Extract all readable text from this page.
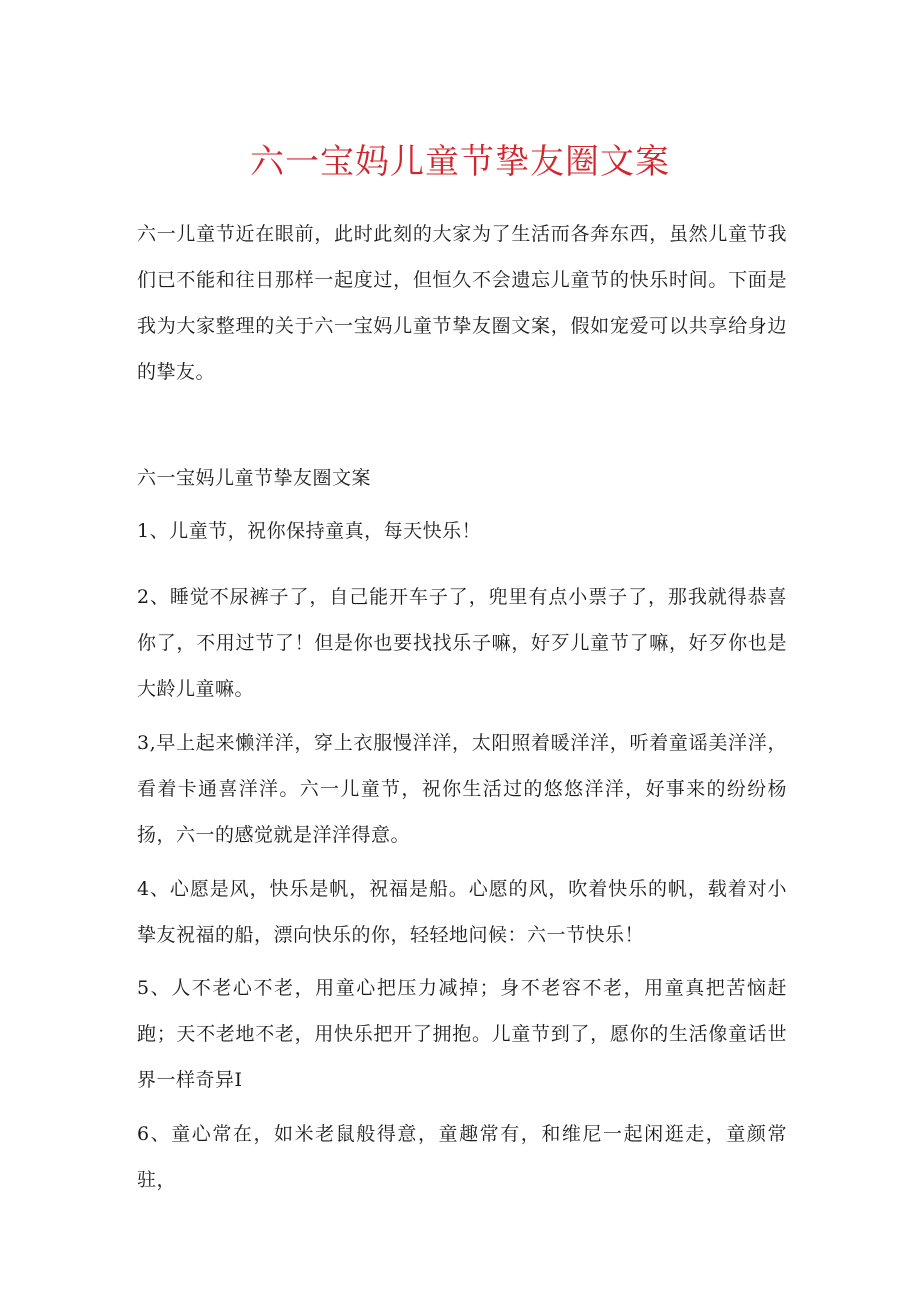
六一宝妈儿童节挚友圈文案
六一儿童节近在眼前，此时此刻的大家为了生活而各奔东西，虽然儿童节我们已不能和往日那样一起度过，但恒久不会遗忘儿童节的快乐时间。下面是我为大家整理的关于六一宝妈儿童节挚友圈文案，假如宠爱可以共享给身边的挚友。
六一宝妈儿童节挚友圈文案
1、儿童节，祝你保持童真，每天快乐！
2、睡觉不尿裤子了，自己能开车子了，兜里有点小票子了，那我就得恭喜你了，不用过节了！但是你也要找找乐子嘛，好歹儿童节了嘛，好歹你也是大龄儿童嘛。
3,早上起来懒洋洋，穿上衣服慢洋洋，太阳照着暖洋洋，听着童谣美洋洋，看着卡通喜洋洋。六一儿童节，祝你生活过的悠悠洋洋，好事来的纷纷杨扬，六一的感觉就是洋洋得意。
4、心愿是风，快乐是帆，祝福是船。心愿的风，吹着快乐的帆，载着对小挚友祝福的船，漂向快乐的你，轻轻地问候：六一节快乐！
5、人不老心不老，用童心把压力减掉；身不老容不老，用童真把苦恼赶跑；天不老地不老，用快乐把开了拥抱。儿童节到了，愿你的生活像童话世界一样奇异I
6、童心常在，如米老鼠般得意，童趣常有，和维尼一起闲逛走，童颜常驻，
